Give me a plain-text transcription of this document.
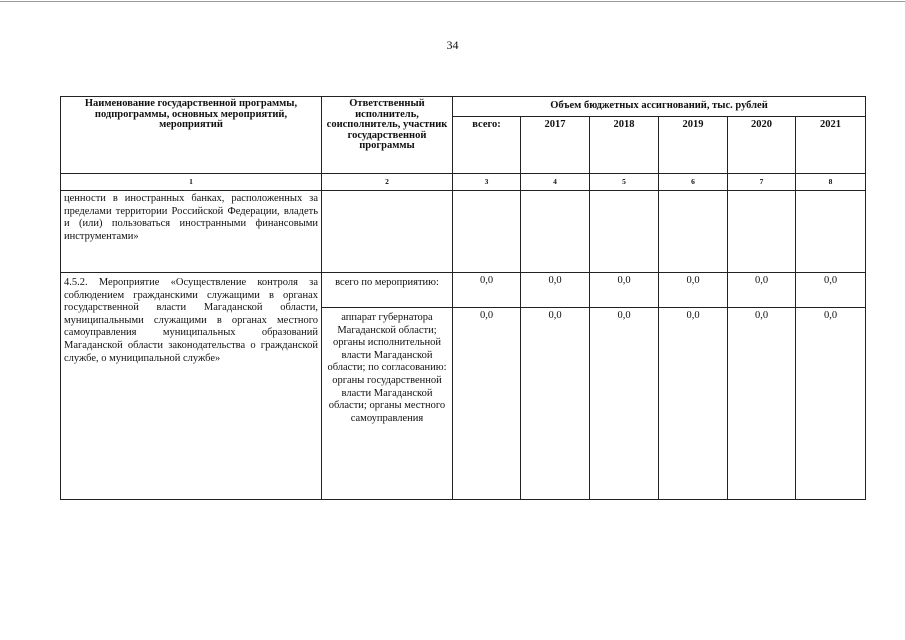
34
Наименование государственной программы, подпрограммы, основных мероприятий, мероприятий	Ответственный исполнитель, соисполнитель, участник государственной программы	Объем бюджетных ассигнований, тыс. рублей					
		всего:	2017	2018	2019	2020	2021
1	2	3	4	5	6	7	8
ценности в иностранных банках, расположенных за пределами территории Российской Федерации, владеть и (или) пользоваться иностранными финансовыми инструментами»							
4.5.2. Мероприятие «Осуществление контроля за соблюдением гражданскими служащими в органах государственной власти Магаданской области, муниципальными служащими в органах местного самоуправления муниципальных образований Магаданской области законодательства о гражданской службе, о муниципальной службе»	всего по мероприятию:	0,0	0,0	0,0	0,0	0,0	0,0
	аппарат губернатора Магаданской области; органы исполнительной власти Магаданской области; по согласованию: органы государственной власти Магаданской области; органы местного самоуправления	0,0	0,0	0,0	0,0	0,0	0,0
